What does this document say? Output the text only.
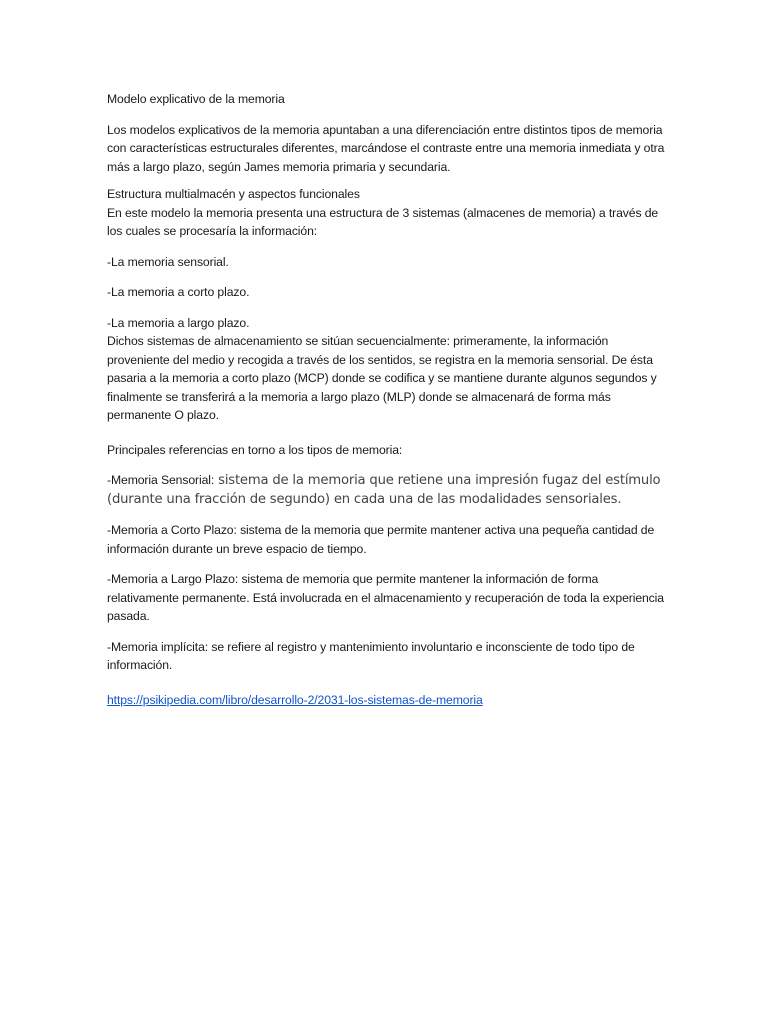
Modelo explicativo de la memoria

Los modelos explicativos de la memoria apuntaban a una diferenciación entre distintos tipos de memoria con características estructurales diferentes, marcándose el contraste entre una memoria inmediata y otra más a largo plazo, según James memoria primaria y secundaria.

Estructura multialmacén y aspectos funcionales

En este modelo la memoria presenta una estructura de 3 sistemas (almacenes de memoria) a través de los cuales se procesaría la información:

-La memoria sensorial.

-La memoria a corto plazo.

-La memoria a largo plazo.

Dichos sistemas de almacenamiento se sitúan secuencialmente: primeramente, la información proveniente del medio y recogida a través de los sentidos, se registra en la memoria sensorial. De ésta pasaria a la memoria a corto plazo (MCP) donde se codifica y se mantiene durante algunos segundos y finalmente se transferirá a la memoria a largo plazo (MLP) donde se almacenará de forma más permanente O plazo.

Principales referencias en torno a los tipos de memoria:

-Memoria Sensorial: sistema de la memoria que retiene una impresión fugaz del estímulo (durante una fracción de segundo) en cada una de las modalidades sensoriales.

-Memoria a Corto Plazo: sistema de la memoria que permite mantener activa una pequeña cantidad de información durante un breve espacio de tiempo.

-Memoria a Largo Plazo: sistema de memoria que permite mantener la información de forma relativamente permanente. Está involucrada en el almacenamiento y recuperación de toda la experiencia pasada.

-Memoria implícita: se refiere al registro y mantenimiento involuntario e inconsciente de todo tipo de información.

https://psikipedia.com/libro/desarrollo-2/2031-los-sistemas-de-memoria
